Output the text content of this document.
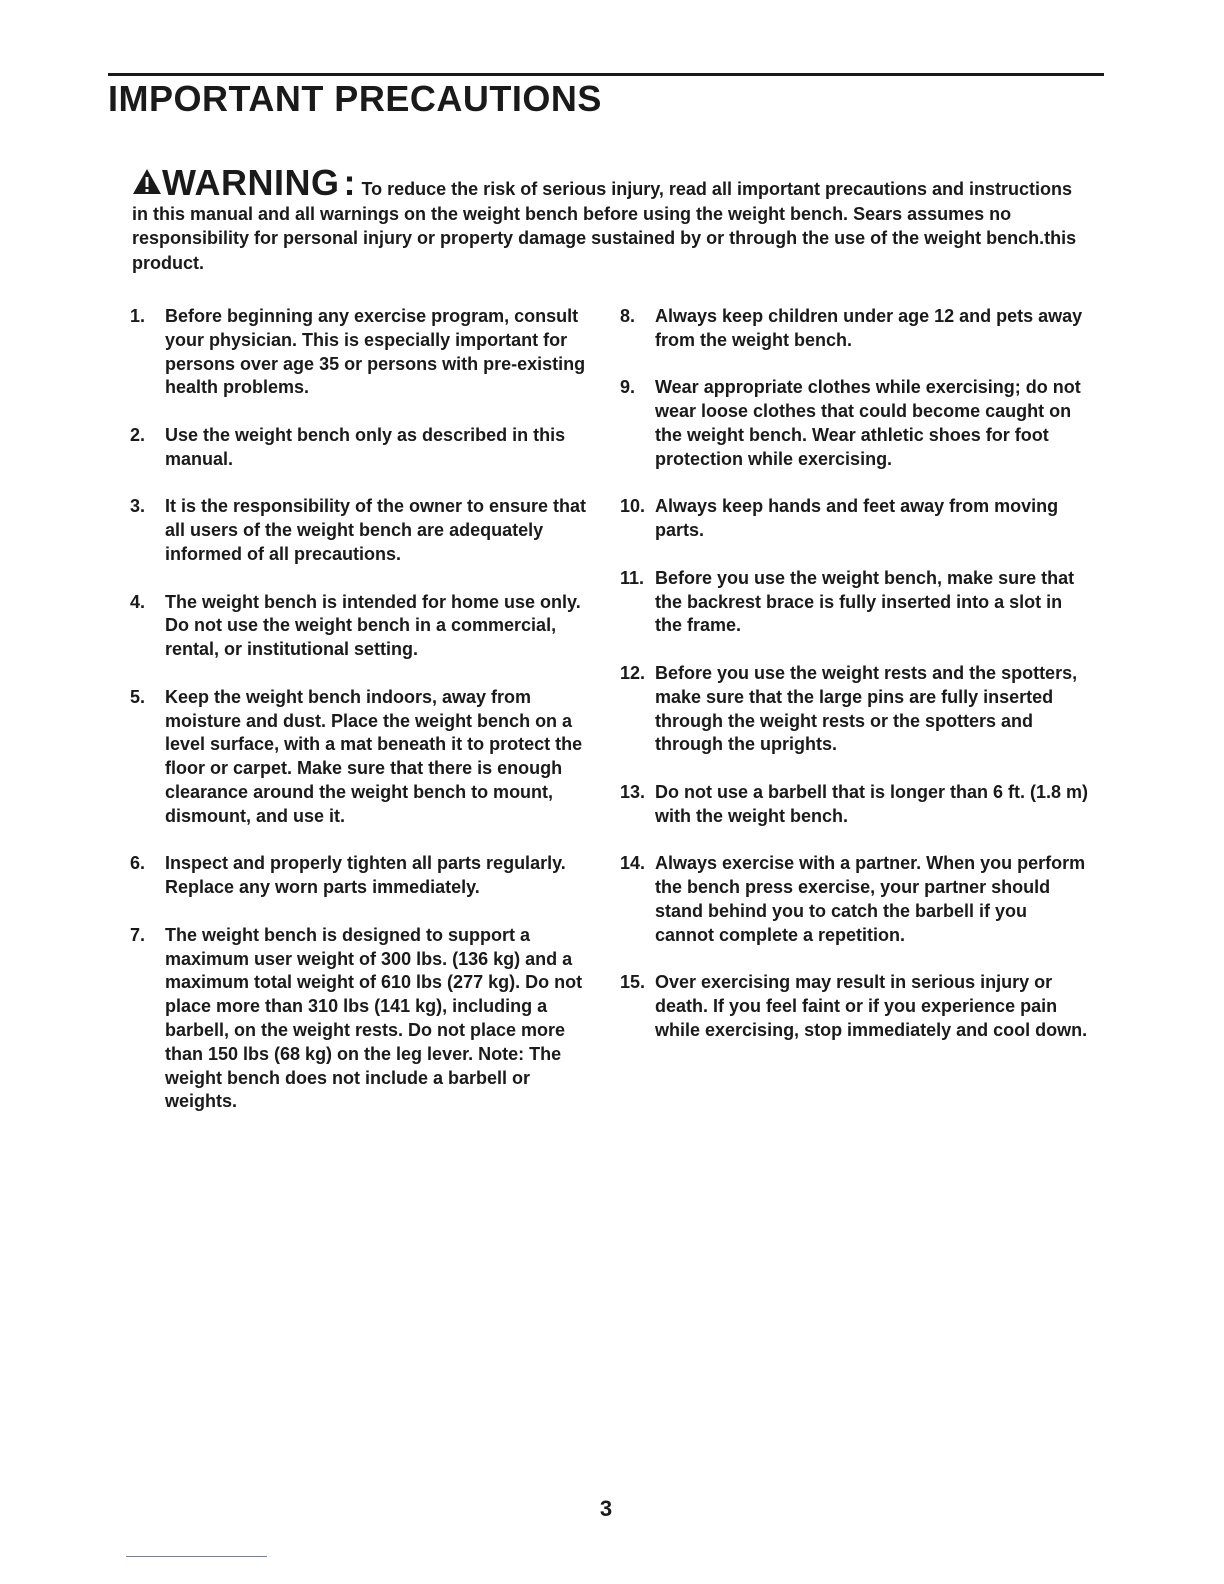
IMPORTANT PRECAUTIONS
WARNING : To reduce the risk of serious injury, read all important precautions and instructions in this manual and all warnings on the weight bench before using the weight bench. Sears assumes no responsibility for personal injury or property damage sustained by or through the use of the weight bench.this product.
1.	Before beginning any exercise program, consult your physician. This is especially important for persons over age 35 or persons with pre-existing health problems.
2.	Use the weight bench only as described in this manual.
3.	It is the responsibility of the owner to ensure that all users of the weight bench are adequately informed of all precautions.
4.	The weight bench is intended for home use only. Do not use the weight bench in a commercial, rental, or institutional setting.
5.	Keep the weight bench indoors, away from moisture and dust. Place the weight bench on a level surface, with a mat beneath it to protect the floor or carpet. Make sure that there is enough clearance around the weight bench to mount, dismount, and use it.
6.	Inspect and properly tighten all parts regularly. Replace any worn parts immediately.
7.	The weight bench is designed to support a maximum user weight of 300 lbs. (136 kg) and a maximum total weight of 610 lbs (277 kg). Do not place more than 310 lbs (141 kg), including a barbell, on the weight rests. Do not place more than 150 lbs (68 kg) on the leg lever. Note: The weight bench does not include a barbell or weights.
8.	Always keep children under age 12 and pets away from the weight bench.
9.	Wear appropriate clothes while exercising; do not wear loose clothes that could become caught on the weight bench. Wear athletic shoes for foot protection while exercising.
10. Always keep hands and feet away from moving parts.
11. Before you use the weight bench, make sure that the backrest brace is fully inserted into a slot in the frame.
12. Before you use the weight rests and the spotters, make sure that the large pins are fully inserted through the weight rests or the spotters and through the uprights.
13. Do not use a barbell that is longer than 6 ft. (1.8 m) with the weight bench.
14. Always exercise with a partner. When you perform the bench press exercise, your partner should stand behind you to catch the barbell if you cannot complete a repetition.
15. Over exercising may result in serious injury or death. If you feel faint or if you experience pain while exercising, stop immediately and cool down.
3
